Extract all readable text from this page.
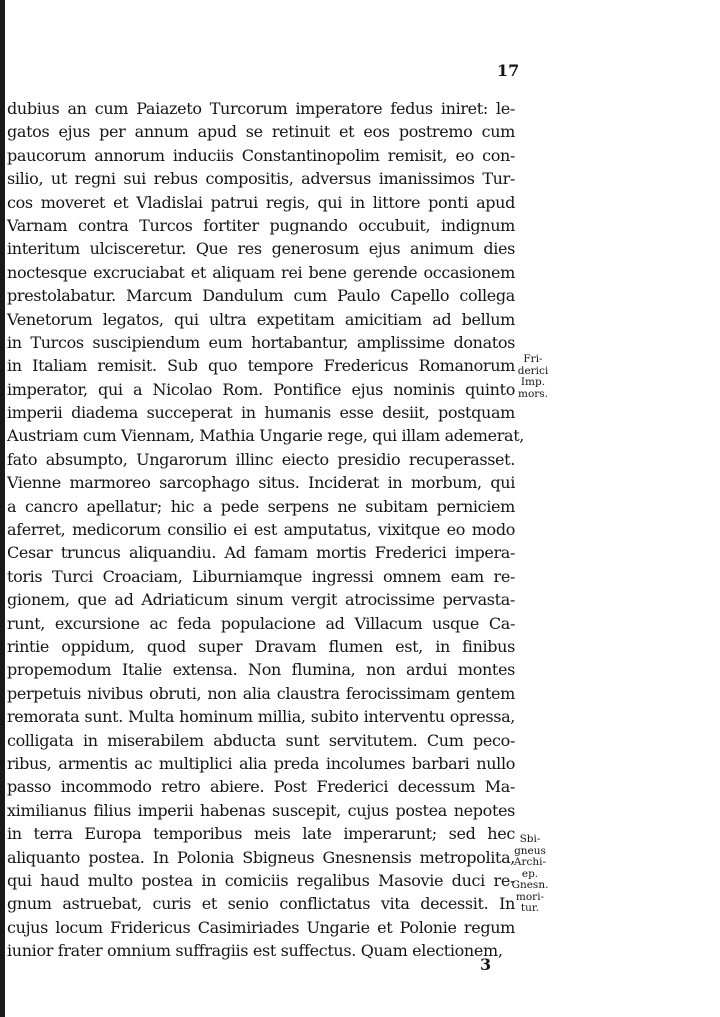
17

dubius an cum Paiazeto Turcorum imperatore fedus iniret: le-
gatos ejus per annum apud se retinuit et eos postremo cum
paucorum annorum induciis Constantinopolim remisit, eo con-
silio, ut regni sui rebus compositis, adversus imanissimos Tur-
cos moveret et Vladislai patrui regis, qui in littore ponti apud
Varnam contra Turcos fortiter pugnando occubuit, indignum
interitum ulcisceretur. Que res generosum ejus animum dies
noctesque excruciabat et aliquam rei bene gerende occasionem
prestolabatur. Marcum Dandulum cum Paulo Capello collega
Venetorum legatos, qui ultra expetitam amicitiam ad bellum
in Turcos suscipiendum eum hortabantur, amplissime donatos
in Italiam remisit. Sub quo tempore Fredericus Romanorum
imperator, qui a Nicolao Rom. Pontifice ejus nominis quinto
imperii diadema succeperat in humanis esse desiit, postquam
Austriam cum Viennam, Mathia Ungarie rege, qui illam ademerat,
fato absumpto, Ungarorum illinc eiecto presidio recuperasset.
Vienne marmoreo sarcophago situs. Inciderat in morbum, qui
a cancro apellatur; hic a pede serpens ne subitam perniciem
aferret, medicorum consilio ei est amputatus, vixitque eo modo
Cesar truncus aliquandiu. Ad famam mortis Frederici impera-
toris Turci Croaciam, Liburniamque ingressi omnem eam re-
gionem, que ad Adriaticum sinum vergit atrocissime pervasta-
runt, excursione ac feda populacione ad Villacum usque Ca-
rintie oppidum, quod super Dravam flumen est, in finibus
propemodum Italie extensa. Non flumina, non ardui montes
perpetuis nivibus obruti, non alia claustra ferocissimam gentem
remorata sunt. Multa hominum millia, subito interventu opressa,
colligata in miserabilem abducta sunt servitutem. Cum peco-
ribus, armentis ac multiplici alia preda incolumes barbari nullo
passo incommodo retro abiere. Post Frederici decessum Ma-
ximilianus filius imperii habenas suscepit, cujus postea nepotes
in terra Europa temporibus meis late imperarunt; sed hec
aliquanto postea. In Polonia Sbigneus Gnesnensis metropolita,
qui haud multo postea in comiciis regalibus Masovie duci re-
gnum astruebat, curis et senio conflictatus vita decessit. In
cujus locum Fridericus Casimiriades Ungarie et Polonie regum
iunior frater omnium suffragiis est suffectus. Quam electionem,

Fri-
derici
Imp.
mors.

Sbi-
gneus
Archi-
ep.
Gnesn.
mori-
tur.

3
